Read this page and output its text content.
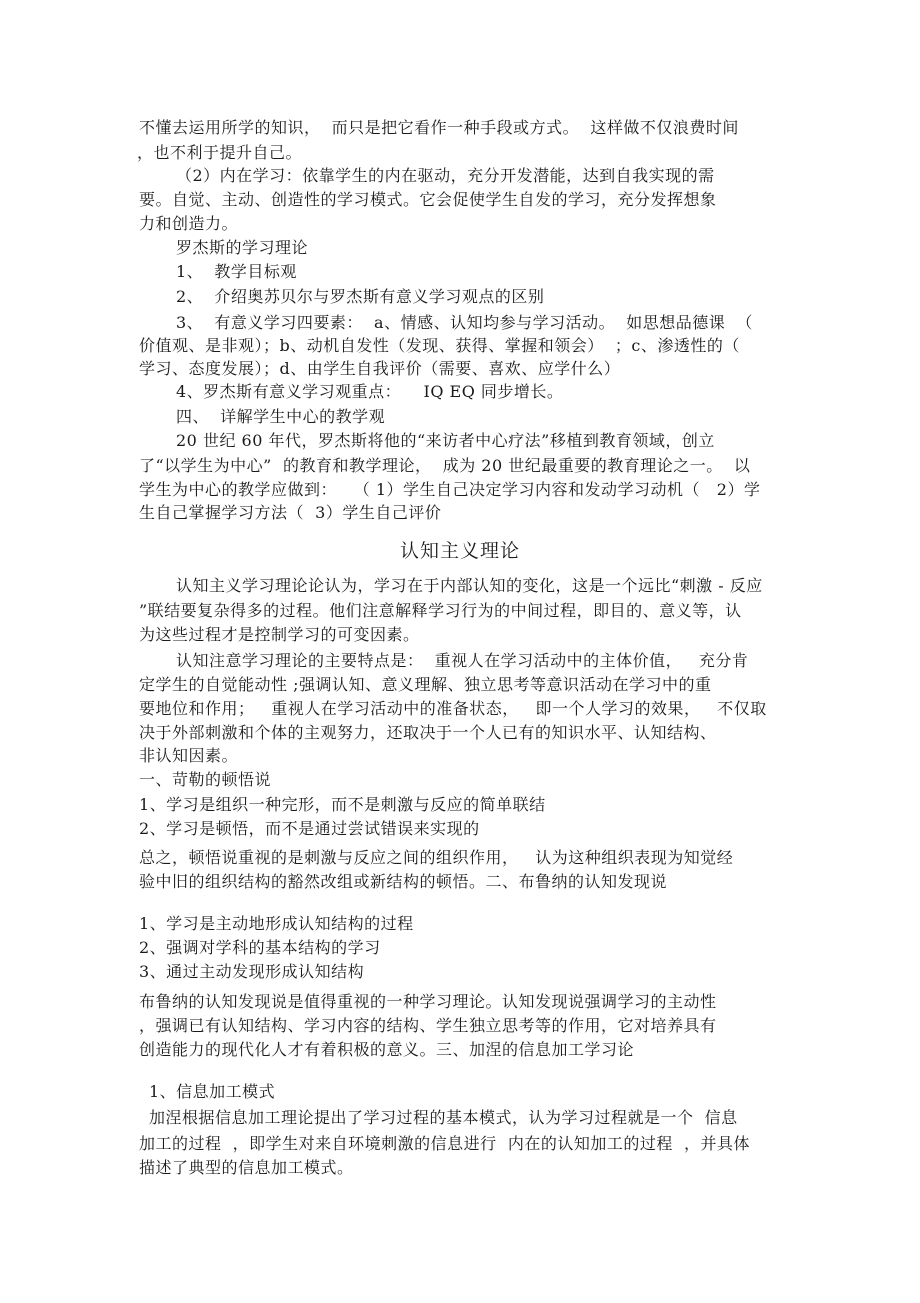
不懂去运用所学的知识，  而只是把它看作一种手段或方式。  这样做不仅浪费时间
，也不利于提升自己。
（2）内在学习：依靠学生的内在驱动，充分开发潜能，达到自我实现的需
要。自觉、主动、创造性的学习模式。它会促使学生自发的学习，充分发挥想象
力和创造力。
罗杰斯的学习理论
1、  教学目标观
2、  介绍奥苏贝尔与罗杰斯有意义学习观点的区别
3、  有意义学习四要素：  a、情感、认知均参与学习活动。  如思想品德课  （
价值观、是非观）；b、动机自发性（发现、获得、掌握和领会）  ；c、渗透性的（
学习、态度发展）；d、由学生自我评价（需要、喜欢、应学什么）
4、罗杰斯有意义学习观重点：    IQ EQ 同步增长。
四、  详解学生中心的教学观
20 世纪 60 年代，罗杰斯将他的“来访者中心疗法”移植到教育领域，创立
了“以学生为中心”  的教育和教学理论，  成为 20 世纪最重要的教育理论之一。  以
学生为中心的教学应做到：   （ 1）学生自己决定学习内容和发动学习动机（   2）学
生自己掌握学习方法（  3）学生自己评价
认知主义理论
认知主义学习理论论认为，学习在于内部认知的变化，这是一个远比“刺激 - 反应
”联结要复杂得多的过程。他们注意解释学习行为的中间过程，即目的、意义等，认
为这些过程才是控制学习的可变因素。
认知注意学习理论的主要特点是：  重视人在学习活动中的主体价值，   充分肯
定学生的自觉能动性 ;强调认知、意义理解、独立思考等意识活动在学习中的重
要地位和作用；   重视人在学习活动中的准备状态，   即一个人学习的效果，   不仅取
决于外部刺激和个体的主观努力，还取决于一个人已有的知识水平、认知结构、
非认知因素。
一、苛勒的顿悟说
1、学习是组织一种完形，而不是刺激与反应的简单联结
2、学习是顿悟，而不是通过尝试错误来实现的
总之，顿悟说重视的是刺激与反应之间的组织作用，   认为这种组织表现为知觉经
验中旧的组织结构的豁然改组或新结构的顿悟。二、布鲁纳的认知发现说
1、学习是主动地形成认知结构的过程
2、强调对学科的基本结构的学习
3、通过主动发现形成认知结构
布鲁纳的认知发现说是值得重视的一种学习理论。认知发现说强调学习的主动性
，强调已有认知结构、学习内容的结构、学生独立思考等的作用，它对培养具有
创造能力的现代化人才有着积极的意义。三、加涅的信息加工学习论
1、信息加工模式
加涅根据信息加工理论提出了学习过程的基本模式，认为学习过程就是一个  信息
加工的过程  ，即学生对来自环境刺激的信息进行  内在的认知加工的过程  ，并具体
描述了典型的信息加工模式。
